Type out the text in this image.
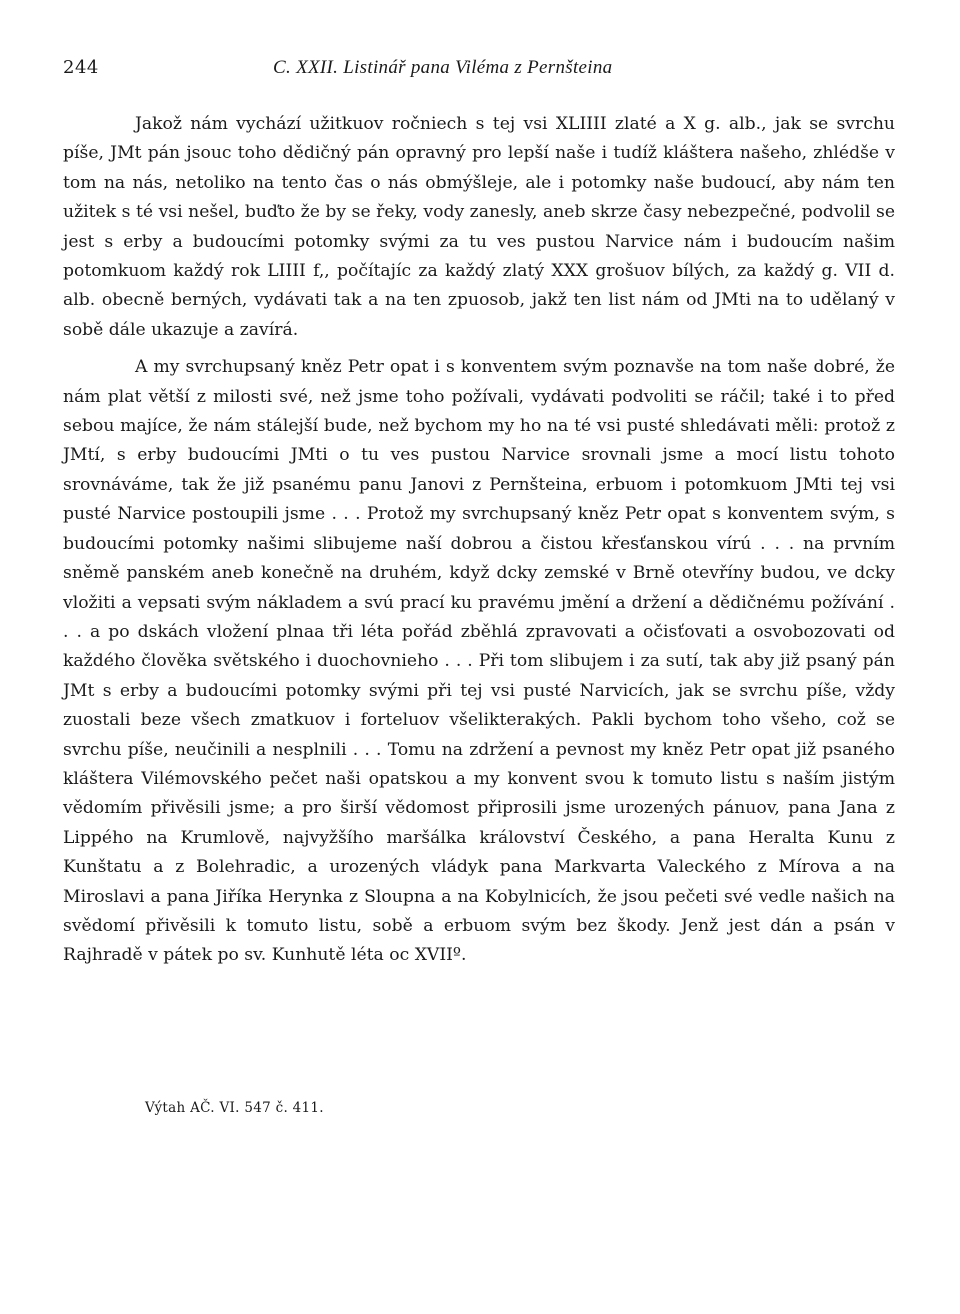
244	C. XXII. Listinář pana Viléma z Pernšteina

Jakož nám vychází užitkuov ročniech s tej vsi XLIIII zlaté a X g. alb., jak se svrchu píše, JMt pán jsouc toho dědičný pán opravný pro lepší naše i tudíž kláštera našeho, zhlédše v tom na nás, netoliko na tento čas o nás obmýšleje, ale i potomky naše budoucí, aby nám ten užitek s té vsi nešel, buďto že by se řeky, vody zanesly, aneb skrze časy nebezpečné, podvolil se jest s erby a budoucími potomky svými za tu ves pustou Narvice nám i budoucím našim potomkuom každý rok LIIII f,, počítajíc za každý zlatý XXX grošuov bílých, za každý g. VII d. alb. obecně berných, vydávati tak a na ten zpuosob, jakž ten list nám od JMti na to udělaný v sobě dále ukazuje a zavírá.

A my svrchupsaný kněz Petr opat i s konventem svým poznavše na tom naše dobré, že nám plat větší z milosti své, než jsme toho požívali, vydávati podvoliti se ráčil; také i to před sebou majíce, že nám stálejší bude, než bychom my ho na té vsi pusté shledávati měli: protož z JMtí, s erby budoucími JMti o tu ves pustou Narvice srovnali jsme a mocí listu tohoto srovnáváme, tak že již psanému panu Janovi z Pernšteina, erbuom i potomkuom JMti tej vsi pusté Narvice postoupili jsme . . . Protož my svrchupsaný kněz Petr opat s konventem svým, s budoucími potomky našimi slibujeme naší dobrou a čistou křesťanskou vírú . . . na prvním sněmě panském aneb konečně na druhém, když dcky zemské v Brně otevříny budou, ve dcky vložiti a vepsati svým nákladem a svú prací ku pravému jmění a držení a dědičnému požívání . . . a po dskách vložení plnaa tři léta pořád zběhlá zpravovati a očisťovati a osvobozovati od každého člověka světského i duochovnieho . . . Při tom slibujem i za sutí, tak aby již psaný pán JMt s erby a budoucími potomky svými při tej vsi pusté Narvicích, jak se svrchu píše, vždy zuostali beze všech zmatkuov i forteluov všelikterakých. Pakli bychom toho všeho, což se svrchu píše, neučinili a nesplnili . . . Tomu na zdržení a pevnost my kněz Petr opat již psaného kláštera Vilémovského pečet naši opatskou a my konvent svou k tomuto listu s naším jistým vědomím přivěsili jsme; a pro širší vědomost připrosili jsme urozených pánuov, pana Jana z Lippého na Krumlově, najvyžšího maršálka království Českého, a pana Heralta Kunu z Kunštatu a z Bolehradic, a urozených vládyk pana Markvarta Valeckého z Mírova a na Miroslavi a pana Jiříka Herynka z Sloupna a na Kobylnicích, že jsou pečeti své vedle našich na svědomí přivěsili k tomuto listu, sobě a erbuom svým bez škody. Jenž jest dán a psán v Rajhradě v pátek po sv. Kunhutě léta oc XVIIº.

Výtah AČ. VI. 547 č. 411.
